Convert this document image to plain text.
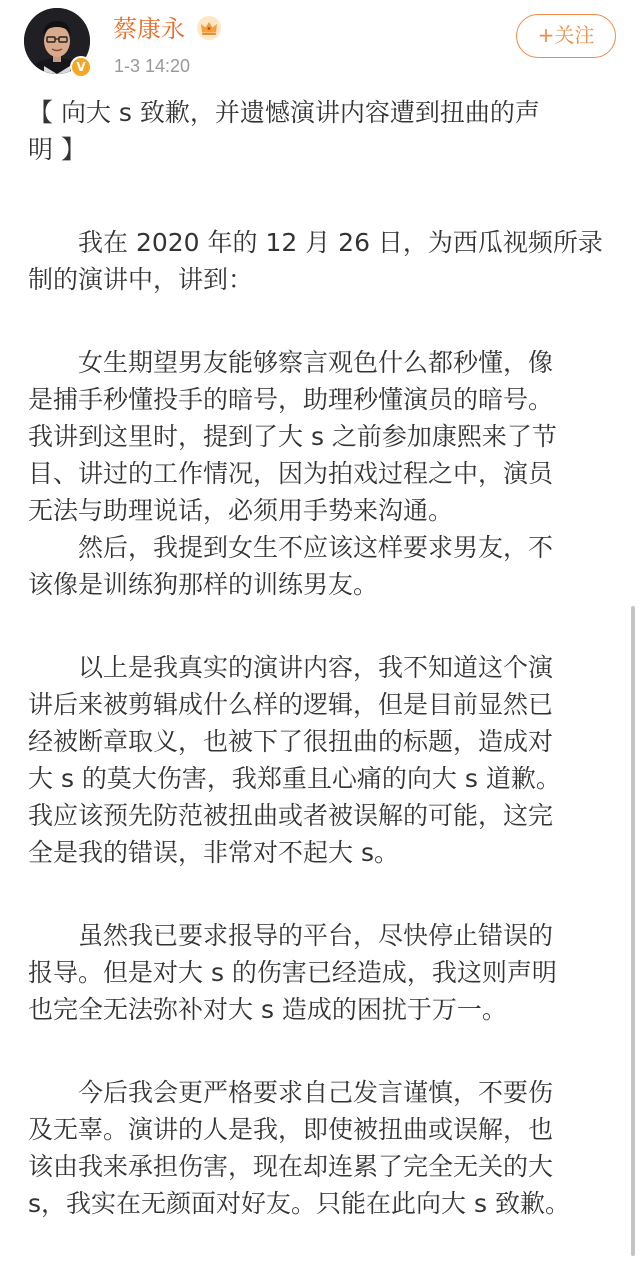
V
蔡康永
1-3 14:20
+关注
【 向大 s 致歉，并遗憾演讲内容遭到扭曲的声
明 】
我在 2020 年的 12 月 26 日，为西瓜视频所录
制的演讲中，讲到：
女生期望男友能够察言观色什么都秒懂，像
是捕手秒懂投手的暗号，助理秒懂演员的暗号。
我讲到这里时，提到了大 s 之前参加康熙来了节
目、讲过的工作情况，因为拍戏过程之中，演员
无法与助理说话，必须用手势来沟通。
然后，我提到女生不应该这样要求男友，不
该像是训练狗那样的训练男友。
以上是我真实的演讲内容，我不知道这个演
讲后来被剪辑成什么样的逻辑，但是目前显然已
经被断章取义，也被下了很扭曲的标题，造成对
大 s 的莫大伤害，我郑重且心痛的向大 s 道歉。
我应该预先防范被扭曲或者被误解的可能，这完
全是我的错误，非常对不起大 s。
虽然我已要求报导的平台，尽快停止错误的
报导。但是对大 s 的伤害已经造成，我这则声明
也完全无法弥补对大 s 造成的困扰于万一。
今后我会更严格要求自己发言谨慎，不要伤
及无辜。演讲的人是我，即使被扭曲或误解，也
该由我来承担伤害，现在却连累了完全无关的大
s，我实在无颜面对好友。只能在此向大 s 致歉。
